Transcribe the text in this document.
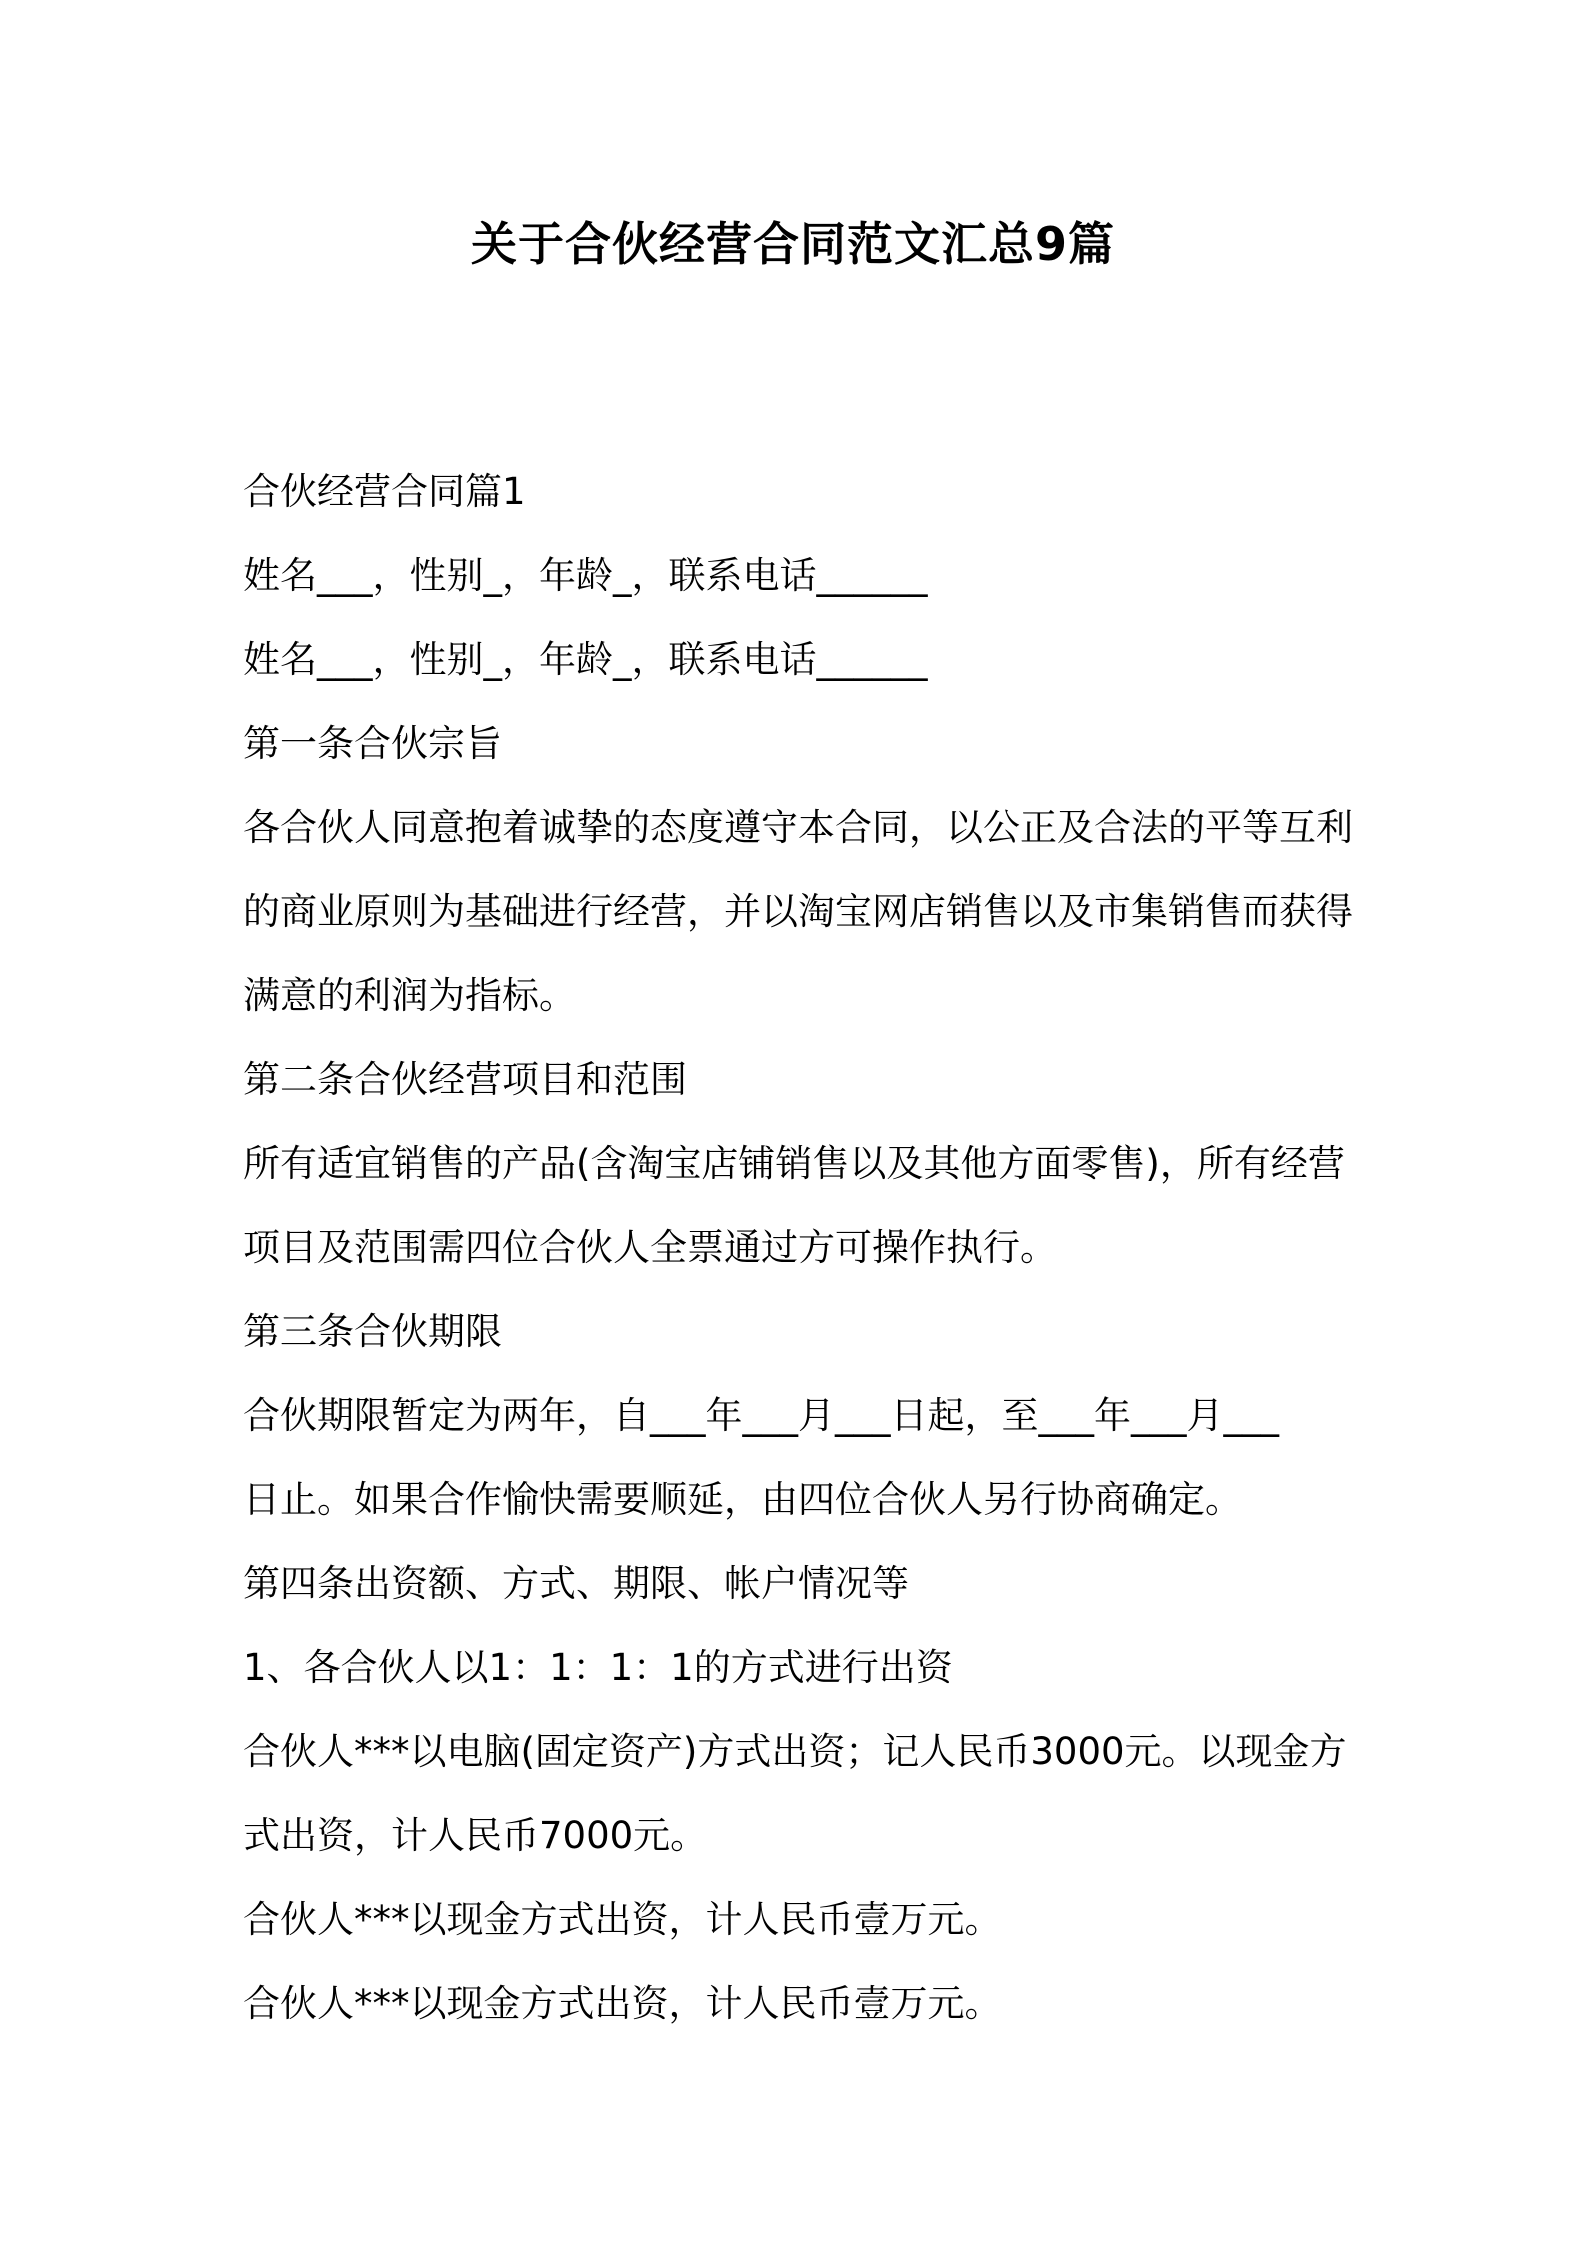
关于合伙经营合同范文汇总9篇
合伙经营合同篇1
姓名___，性别_，年龄_，联系电话______
姓名___，性别_，年龄_，联系电话______
第一条合伙宗旨
各合伙人同意抱着诚挚的态度遵守本合同，以公正及合法的平等互利
的商业原则为基础进行经营，并以淘宝网店销售以及市集销售而获得
满意的利润为指标。
第二条合伙经营项目和范围
所有适宜销售的产品(含淘宝店铺销售以及其他方面零售)，所有经营
项目及范围需四位合伙人全票通过方可操作执行。
第三条合伙期限
合伙期限暂定为两年，自___年___月___日起，至___年___月___
日止。如果合作愉快需要顺延，由四位合伙人另行协商确定。
第四条出资额、方式、期限、帐户情况等
1、各合伙人以1：1：1：1的方式进行出资
合伙人***以电脑(固定资产)方式出资；记人民币3000元。以现金方
式出资，计人民币7000元。
合伙人***以现金方式出资，计人民币壹万元。
合伙人***以现金方式出资，计人民币壹万元。
